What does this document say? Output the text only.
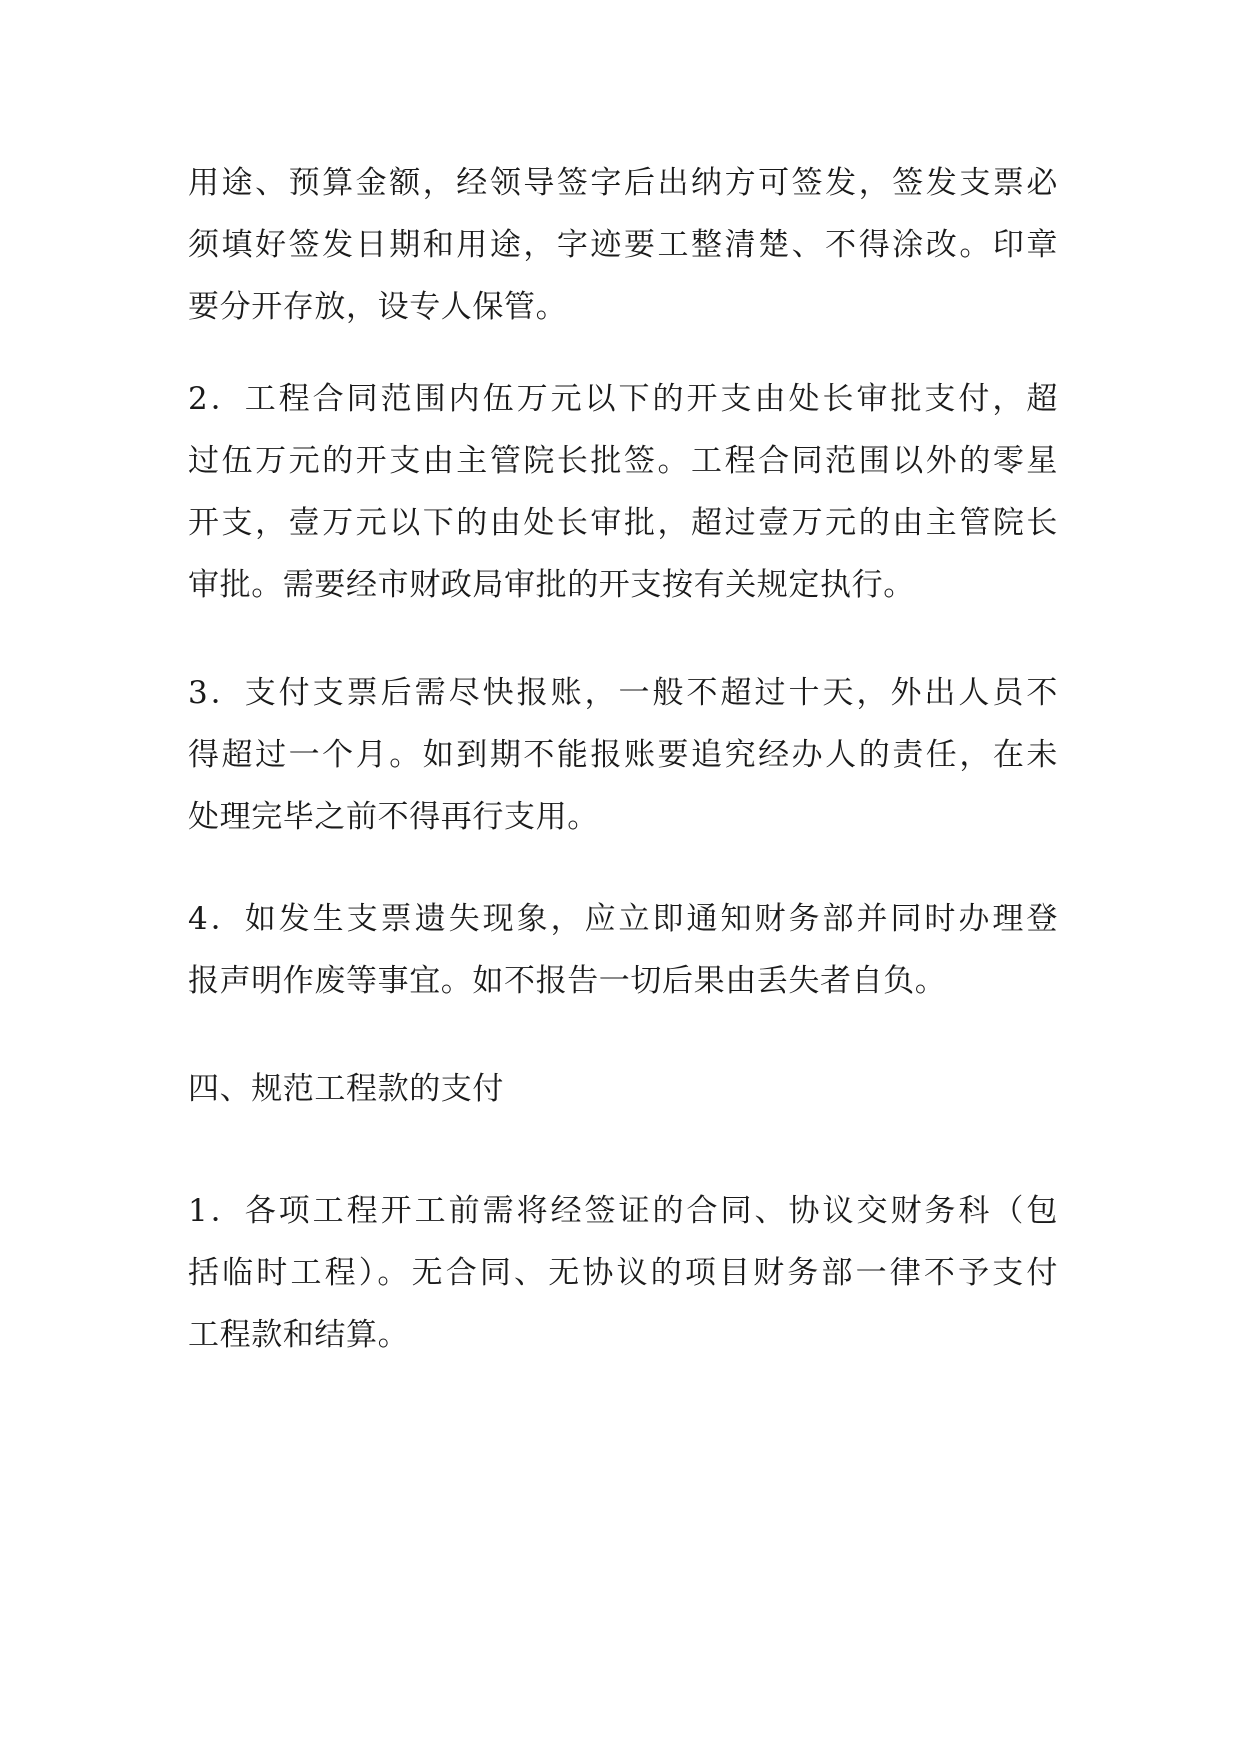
用途、预算金额，经领导签字后出纳方可签发，签发支票必
须填好签发日期和用途，字迹要工整清楚、不得涂改。印章
要分开存放，设专人保管。
2．工程合同范围内伍万元以下的开支由处长审批支付，超
过伍万元的开支由主管院长批签。工程合同范围以外的零星
开支，壹万元以下的由处长审批，超过壹万元的由主管院长
审批。需要经市财政局审批的开支按有关规定执行。
3．支付支票后需尽快报账，一般不超过十天，外出人员不
得超过一个月。如到期不能报账要追究经办人的责任，在未
处理完毕之前不得再行支用。
4．如发生支票遗失现象，应立即通知财务部并同时办理登
报声明作废等事宜。如不报告一切后果由丢失者自负。
四、规范工程款的支付
1．各项工程开工前需将经签证的合同、协议交财务科（包
括临时工程）。无合同、无协议的项目财务部一律不予支付
工程款和结算。
